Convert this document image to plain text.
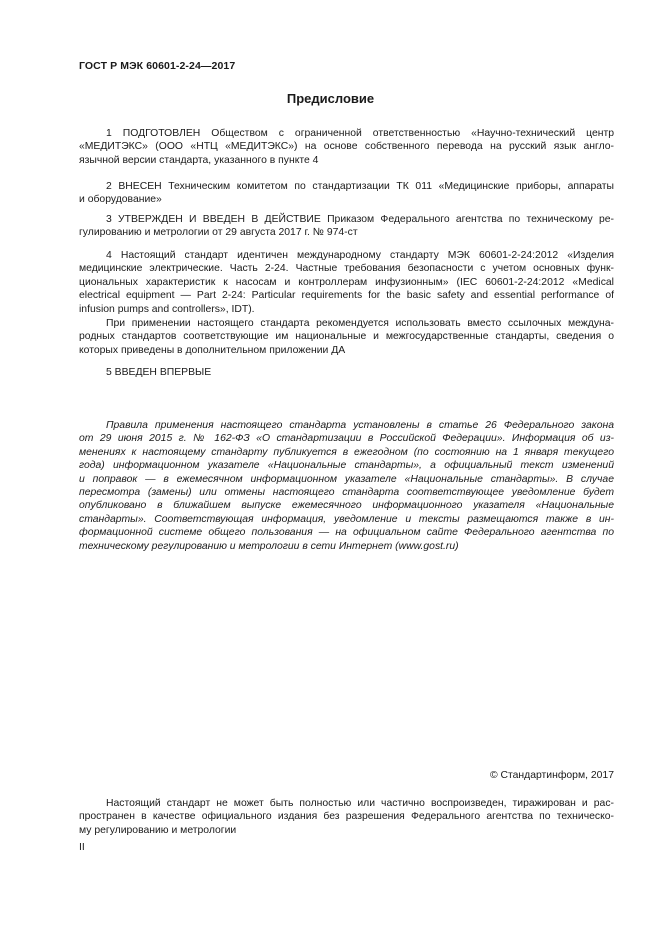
ГОСТ Р МЭК 60601-2-24—2017
Предисловие
1 ПОДГОТОВЛЕН Обществом с ограниченной ответственностью «Научно-технический центр
«МЕДИТЭКС» (ООО «НТЦ «МЕДИТЭКС») на основе собственного перевода на русский язык англо-
язычной версии стандарта, указанного в пункте 4
2 ВНЕСЕН Техническим комитетом по стандартизации ТК 011 «Медицинские приборы, аппараты
и оборудование»
3 УТВЕРЖДЕН И ВВЕДЕН В ДЕЙСТВИЕ Приказом Федерального агентства по техническому ре-
гулированию и метрологии от 29 августа 2017 г. № 974-ст
4 Настоящий стандарт идентичен международному стандарту МЭК 60601-2-24:2012 «Изделия
медицинские электрические. Часть 2-24. Частные требования безопасности с учетом основных функ-
циональных характеристик к насосам и контроллерам инфузионным» (IEC 60601-2-24:2012 «Medical
electrical equipment — Part 2-24: Particular requirements for the basic safety and essential performance of
infusion pumps and controllers», IDT).
При применении настоящего стандарта рекомендуется использовать вместо ссылочных междуна-
родных стандартов соответствующие им национальные и межгосударственные стандарты, сведения о
которых приведены в дополнительном приложении ДА
5 ВВЕДЕН ВПЕРВЫЕ
Правила применения настоящего стандарта установлены в статье 26 Федерального закона
от 29 июня 2015 г. № 162-ФЗ «О стандартизации в Российской Федерации». Информация об из-
менениях к настоящему стандарту публикуется в ежегодном (по состоянию на 1 января текущего
года) информационном указателе «Национальные стандарты», а официальный текст изменений
и поправок — в ежемесячном информационном указателе «Национальные стандарты». В случае
пересмотра (замены) или отмены настоящего стандарта соответствующее уведомление будет
опубликовано в ближайшем выпуске ежемесячного информационного указателя «Национальные
стандарты». Соответствующая информация, уведомление и тексты размещаются также в ин-
формационной системе общего пользования — на официальном сайте Федерального агентства по
техническому регулированию и метрологии в сети Интернет (www.gost.ru)
© Стандартинформ, 2017
Настоящий стандарт не может быть полностью или частично воспроизведен, тиражирован и рас-
пространен в качестве официального издания без разрешения Федерального агентства по техническо-
му регулированию и метрологии
II
